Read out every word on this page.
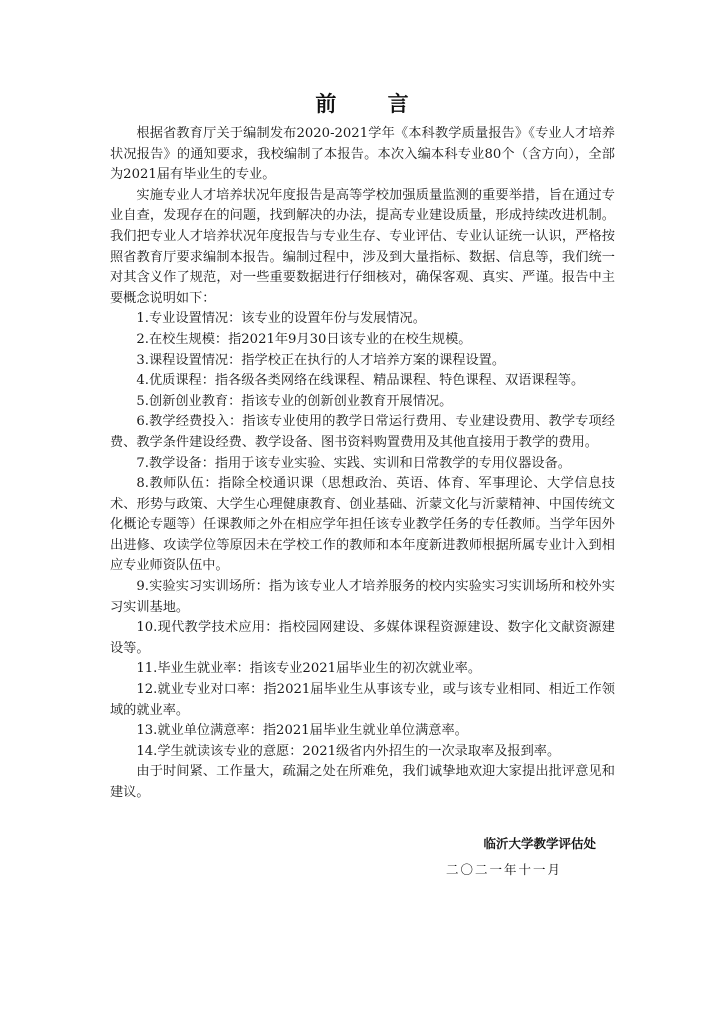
前 言

根据省教育厅关于编制发布2020-2021学年《本科教学质量报告》《专业人才培养状况报告》的通知要求，我校编制了本报告。本次入编本科专业80个（含方向），全部为2021届有毕业生的专业。

实施专业人才培养状况年度报告是高等学校加强质量监测的重要举措，旨在通过专业自查，发现存在的问题，找到解决的办法，提高专业建设质量，形成持续改进机制。我们把专业人才培养状况年度报告与专业生存、专业评估、专业认证统一认识，严格按照省教育厅要求编制本报告。编制过程中，涉及到大量指标、数据、信息等，我们统一对其含义作了规范，对一些重要数据进行仔细核对，确保客观、真实、严谨。报告中主要概念说明如下：

1.专业设置情况：该专业的设置年份与发展情况。

2.在校生规模：指2021年9月30日该专业的在校生规模。

3.课程设置情况：指学校正在执行的人才培养方案的课程设置。

4.优质课程：指各级各类网络在线课程、精品课程、特色课程、双语课程等。

5.创新创业教育：指该专业的创新创业教育开展情况。

6.教学经费投入：指该专业使用的教学日常运行费用、专业建设费用、教学专项经费、教学条件建设经费、教学设备、图书资料购置费用及其他直接用于教学的费用。

7.教学设备：指用于该专业实验、实践、实训和日常教学的专用仪器设备。

8.教师队伍：指除全校通识课（思想政治、英语、体育、军事理论、大学信息技术、形势与政策、大学生心理健康教育、创业基础、沂蒙文化与沂蒙精神、中国传统文化概论专题等）任课教师之外在相应学年担任该专业教学任务的专任教师。当学年因外出进修、攻读学位等原因未在学校工作的教师和本年度新进教师根据所属专业计入到相应专业师资队伍中。

9.实验实习实训场所：指为该专业人才培养服务的校内实验实习实训场所和校外实习实训基地。

10.现代教学技术应用：指校园网建设、多媒体课程资源建设、数字化文献资源建设等。

11.毕业生就业率：指该专业2021届毕业生的初次就业率。

12.就业专业对口率：指2021届毕业生从事该专业，或与该专业相同、相近工作领域的就业率。

13.就业单位满意率：指2021届毕业生就业单位满意率。

14.学生就读该专业的意愿：2021级省内外招生的一次录取率及报到率。

由于时间紧、工作量大，疏漏之处在所难免，我们诚挚地欢迎大家提出批评意见和建议。

临沂大学教学评估处
二〇二一年十一月
